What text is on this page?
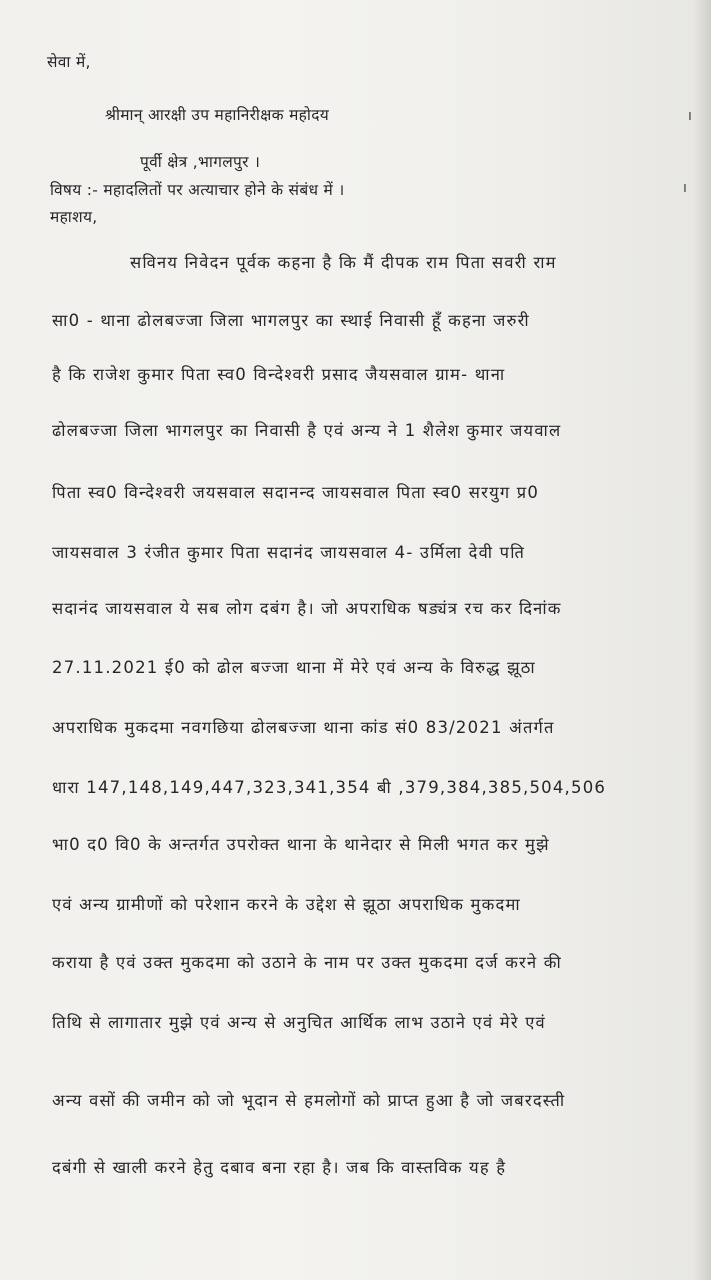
सेवा में,
श्रीमान् आरक्षी उप महानिरीक्षक महोदय
पूर्वी क्षेत्र ,भागलपुर ।
विषय :- महादलितों पर अत्याचार होने के संबंध में ।
महाशय,
सविनय निवेदन पूर्वक कहना है कि मैं दीपक राम पिता सवरी राम
सा0 - थाना ढोलबज्जा जिला भागलपुर का स्थाई निवासी हूँ कहना जरुरी
है कि राजेश कुमार पिता स्व0 विन्देश्वरी प्रसाद जैयसवाल ग्राम- थाना
ढोलबज्जा जिला भागलपुर का निवासी है एवं अन्य ने 1 शैलेश कुमार जयवाल
पिता स्व0 विन्देश्वरी जयसवाल सदानन्द जायसवाल पिता स्व0 सरयुग प्र0
जायसवाल 3 रंजीत कुमार पिता सदानंद जायसवाल 4- उर्मिला देवी पति
सदानंद जायसवाल ये सब लोग दबंग है। जो अपराधिक षड्यंत्र रच कर दिनांक
27.11.2021 ई0 को ढोल बज्जा थाना में मेरे एवं अन्य के विरुद्ध झूठा
अपराधिक मुकदमा नवगछिया ढोलबज्जा थाना कांड सं0 83/2021 अंतर्गत
धारा 147,148,149,447,323,341,354 बी ,379,384,385,504,506
भा0 द0 वि0 के अन्तर्गत उपरोक्त थाना के थानेदार से मिली भगत कर मुझे
एवं अन्य ग्रामीणों को परेशान करने के उद्देश से झूठा अपराधिक मुकदमा
कराया है एवं उक्त मुकदमा को उठाने के नाम पर उक्त मुकदमा दर्ज करने की
तिथि से लागातार मुझे एवं अन्य से अनुचित आर्थिक लाभ उठाने एवं मेरे एवं
अन्य वसों की जमीन को जो भूदान से हमलोगों को प्राप्त हुआ है जो जबरदस्ती
दबंगी से खाली करने हेतु दबाव बना रहा है। जब कि वास्तविक यह है
ı
ı
